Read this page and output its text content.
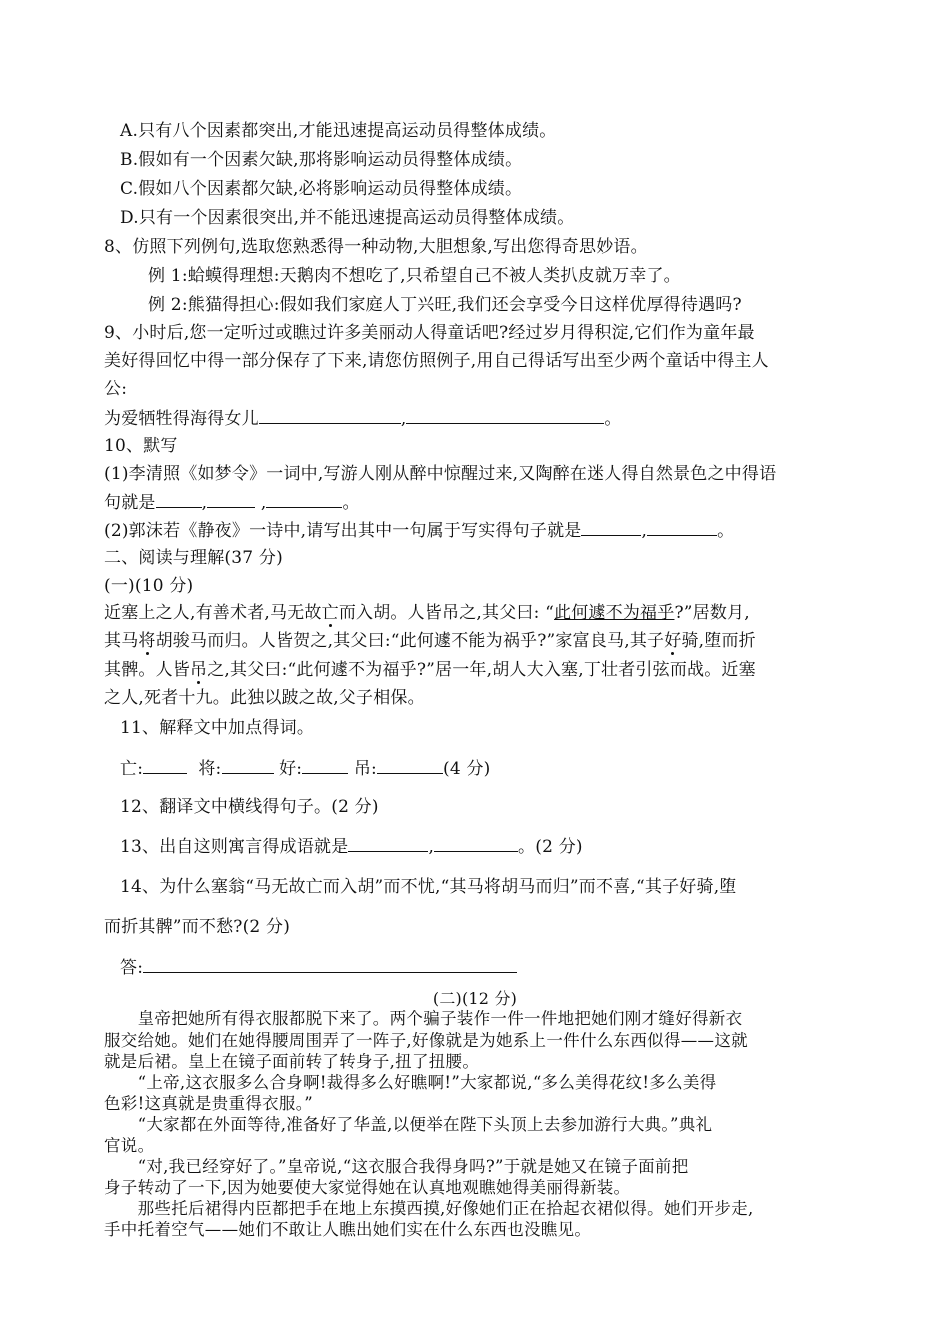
A.只有八个因素都突出,才能迅速提高运动员得整体成绩。
B.假如有一个因素欠缺,那将影响运动员得整体成绩。
C.假如八个因素都欠缺,必将影响运动员得整体成绩。
D.只有一个因素很突出,并不能迅速提高运动员得整体成绩。
8、仿照下列例句,选取您熟悉得一种动物,大胆想象,写出您得奇思妙语。
例 1:蛤蟆得理想:天鹅肉不想吃了,只希望自己不被人类扒皮就万幸了。
例 2:熊猫得担心:假如我们家庭人丁兴旺,我们还会享受今日这样优厚得待遇吗?
9、小时后,您一定听过或瞧过许多美丽动人得童话吧?经过岁月得积淀,它们作为童年最
美好得回忆中得一部分保存了下来,请您仿照例子,用自己得话写出至少两个童话中得主人
公:
为爱牺牲得海得女儿	,	。
10、默写
(1)李清照《如梦令》一词中,写游人刚从醉中惊醒过来,又陶醉在迷人得自然景色之中得语
句就是	,	,	。
(2)郭沫若《静夜》一诗中,请写出其中一句属于写实得句子就是	,	。
二、阅读与理解(37 分)
(一)(10 分)
近塞上之人,有善术者,马无故亡而入胡。人皆吊之,其父曰: “此何遽不为福乎?”居数月,
其马将胡骏马而归。人皆贺之,其父曰:“此何遽不能为祸乎?”家富良马,其子好骑,堕而折
其髀。人皆吊之,其父曰:“此何遽不为福乎?”居一年,胡人大入塞,丁壮者引弦而战。近塞
之人,死者十九。此独以跛之故,父子相保。
11、解释文中加点得词。
亡:	将:	好:	吊:	(4 分)
12、翻译文中横线得句子。(2 分)
13、出自这则寓言得成语就是	,	。(2 分)
14、为什么塞翁“马无故亡而入胡”而不忧,“其马将胡马而归”而不喜,“其子好骑,堕
而折其髀”而不愁?(2 分)
答:
(二)(12 分)
　　皇帝把她所有得衣服都脱下来了。两个骗子装作一件一件地把她们刚才缝好得新衣
服交给她。她们在她得腰周围弄了一阵子,好像就是为她系上一件什么东西似得——这就
就是后裙。皇上在镜子面前转了转身子,扭了扭腰。
　　“上帝,这衣服多么合身啊!裁得多么好瞧啊!”大家都说,“多么美得花纹!多么美得
色彩!这真就是贵重得衣服。”
　　“大家都在外面等待,准备好了华盖,以便举在陛下头顶上去参加游行大典。”典礼
官说。
　　“对,我已经穿好了。”皇帝说,“这衣服合我得身吗?”于就是她又在镜子面前把
身子转动了一下,因为她要使大家觉得她在认真地观瞧她得美丽得新装。
　　那些托后裙得内臣都把手在地上东摸西摸,好像她们正在拾起衣裙似得。她们开步走,
手中托着空气——她们不敢让人瞧出她们实在什么东西也没瞧见。
